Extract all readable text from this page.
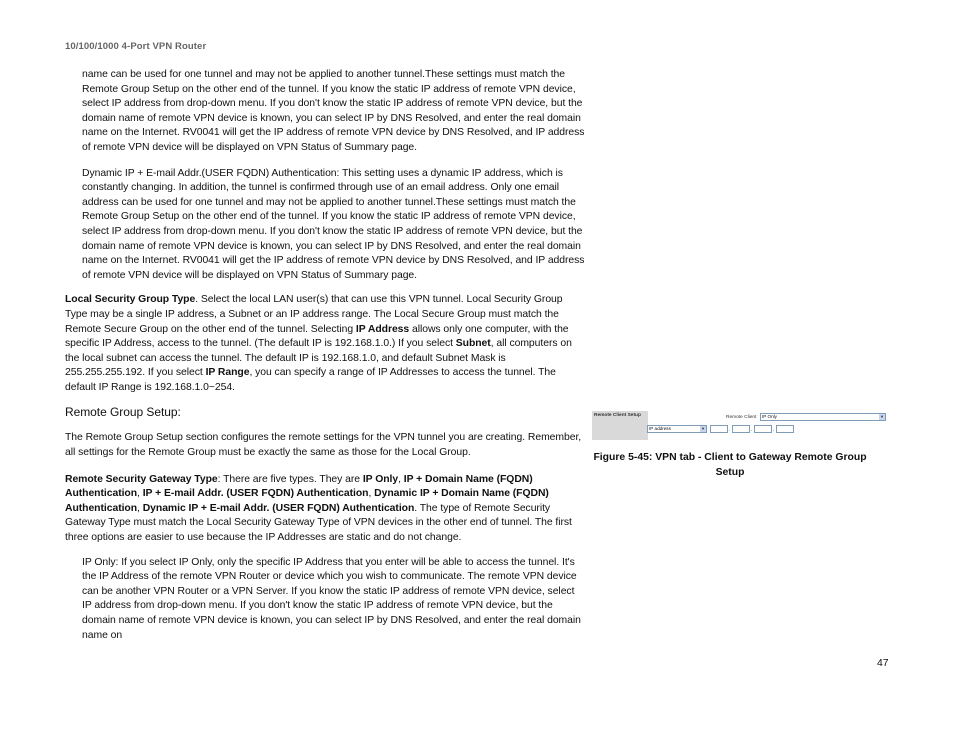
10/100/1000 4-Port VPN Router

name can be used for one tunnel and may not be applied to another tunnel.These settings must match the Remote Group Setup on the other end of the tunnel. If you know the static IP address of remote VPN device, select IP address from drop-down menu. If you don't know the static IP address of remote VPN device, but the domain name of remote VPN device is known, you can select IP by DNS Resolved, and enter the real domain name on the Internet. RV0041 will get the IP address of remote VPN device by DNS Resolved, and IP address of remote VPN device will be displayed on VPN Status of Summary page.

Dynamic IP + E-mail Addr.(USER FQDN) Authentication: This setting uses a dynamic IP address, which is constantly changing. In addition, the tunnel is confirmed through use of an email address. Only one email address can be used for one tunnel and may not be applied to another tunnel.These settings must match the Remote Group Setup on the other end of the tunnel. If you know the static IP address of remote VPN device, select IP address from drop-down menu. If you don't know the static IP address of remote VPN device, but the domain name of remote VPN device is known, you can select IP by DNS Resolved, and enter the real domain name on the Internet. RV0041 will get the IP address of remote VPN device by DNS Resolved, and IP address of remote VPN device will be displayed on VPN Status of Summary page.

Local Security Group Type. Select the local LAN user(s) that can use this VPN tunnel. Local Security Group Type may be a single IP address, a Subnet or an IP address range. The Local Secure Group must match the Remote Secure Group on the other end of the tunnel. Selecting IP Address allows only one computer, with the specific IP Address, access to the tunnel. (The default IP is 192.168.1.0.) If you select Subnet, all computers on the local subnet can access the tunnel. The default IP is 192.168.1.0, and default Subnet Mask is 255.255.255.192. If you select IP Range, you can specify a range of IP Addresses to access the tunnel. The default IP Range is 192.168.1.0~254.

Remote Group Setup:

The Remote Group Setup section configures the remote settings for the VPN tunnel you are creating. Remember, all settings for the Remote Group must be exactly the same as those for the Local Group.

Remote Security Gateway Type: There are five types. They are IP Only, IP + Domain Name (FQDN) Authentication, IP + E-mail Addr. (USER FQDN) Authentication, Dynamic IP + Domain Name (FQDN) Authentication, Dynamic IP + E-mail Addr. (USER FQDN) Authentication. The type of Remote Security Gateway Type must match the Local Security Gateway Type of VPN devices in the other end of tunnel. The first three options are easier to use because the IP Addresses are static and do not change.

IP Only: If you select IP Only, only the specific IP Address that you enter will be able to access the tunnel. It's the IP Address of the remote VPN Router or device which you wish to communicate. The remote VPN device can be another VPN Router or a VPN Server. If you know the static IP address of remote VPN device, select IP address from drop-down menu. If you don't know the static IP address of remote VPN device, but the domain name of remote VPN device is known, you can select IP by DNS Resolved, and enter the real domain name on

Remote Client Setup	Remote Client	IP Only	▼
IP address	▼	.	.	.
Figure 5-45: VPN tab - Client to Gateway Remote Group Setup
47
